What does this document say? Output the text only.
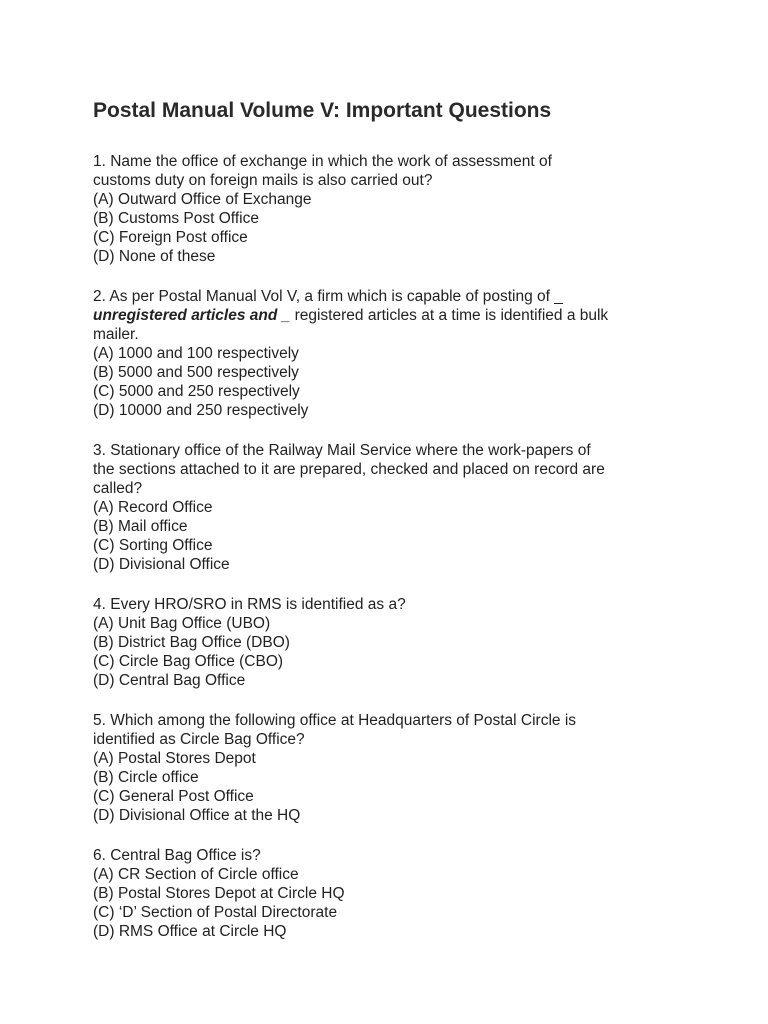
Postal Manual Volume V: Important Questions
1. Name the office of exchange in which the work of assessment of
customs duty on foreign mails is also carried out?
(A) Outward Office of Exchange
(B) Customs Post Office
(C) Foreign Post office
(D) None of these
2. As per Postal Manual Vol V, a firm which is capable of posting of _
unregistered articles and _ registered articles at a time is identified a bulk
mailer.
(A) 1000 and 100 respectively
(B) 5000 and 500 respectively
(C) 5000 and 250 respectively
(D) 10000 and 250 respectively
3. Stationary office of the Railway Mail Service where the work-papers of
the sections attached to it are prepared, checked and placed on record are
called?
(A) Record Office
(B) Mail office
(C) Sorting Office
(D) Divisional Office
4. Every HRO/SRO in RMS is identified as a?
(A) Unit Bag Office (UBO)
(B) District Bag Office (DBO)
(C) Circle Bag Office (CBO)
(D) Central Bag Office
5. Which among the following office at Headquarters of Postal Circle is
identified as Circle Bag Office?
(A) Postal Stores Depot
(B) Circle office
(C) General Post Office
(D) Divisional Office at the HQ
6. Central Bag Office is?
(A) CR Section of Circle office
(B) Postal Stores Depot at Circle HQ
(C) ‘D’ Section of Postal Directorate
(D) RMS Office at Circle HQ
